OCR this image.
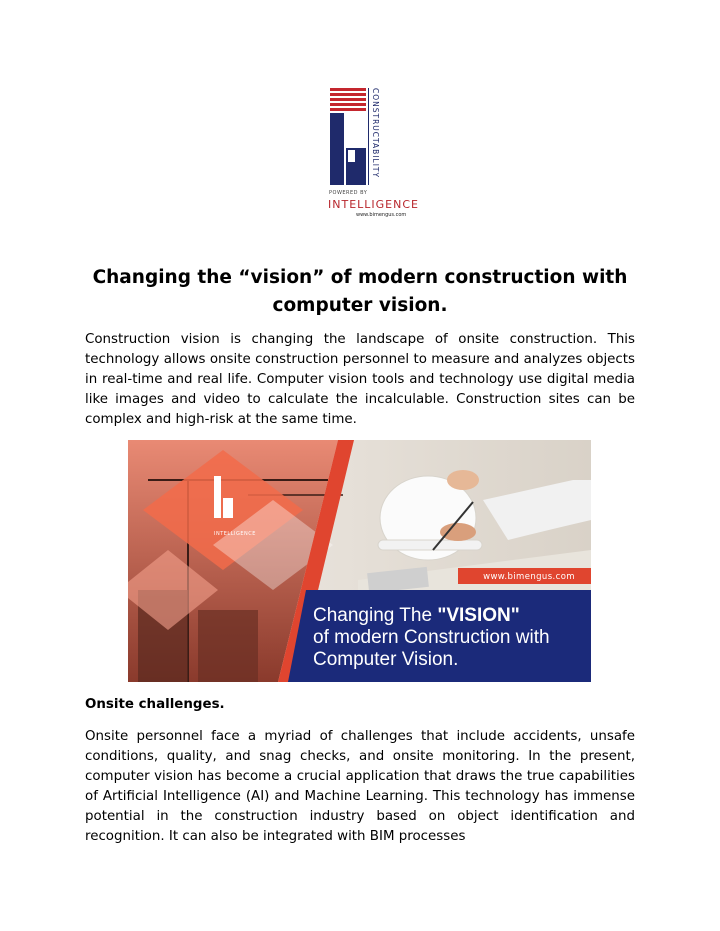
CONSTRUCTABILITY
POWERED BY
INTELLIGENCE
www.bimengus.com
Changing the “vision” of modern construction with computer vision.
Construction vision is changing the landscape of onsite construction. This technology allows onsite construction personnel to measure and analyzes objects in real-time and real life. Computer vision tools and technology use digital media like images and video to calculate the incalculable. Construction sites can be complex and high-risk at the same time.
INTELLIGENCE
www.bimengus.com
Changing The "VISION"
of modern Construction with
Computer Vision.
Onsite challenges.
Onsite personnel face a myriad of challenges that include accidents, unsafe conditions, quality, and snag checks, and onsite monitoring. In the present, computer vision has become a crucial application that draws the true capabilities of Artificial Intelligence (AI) and Machine Learning. This technology has immense potential in the construction industry based on object identification and recognition. It can also be integrated with BIM processes
